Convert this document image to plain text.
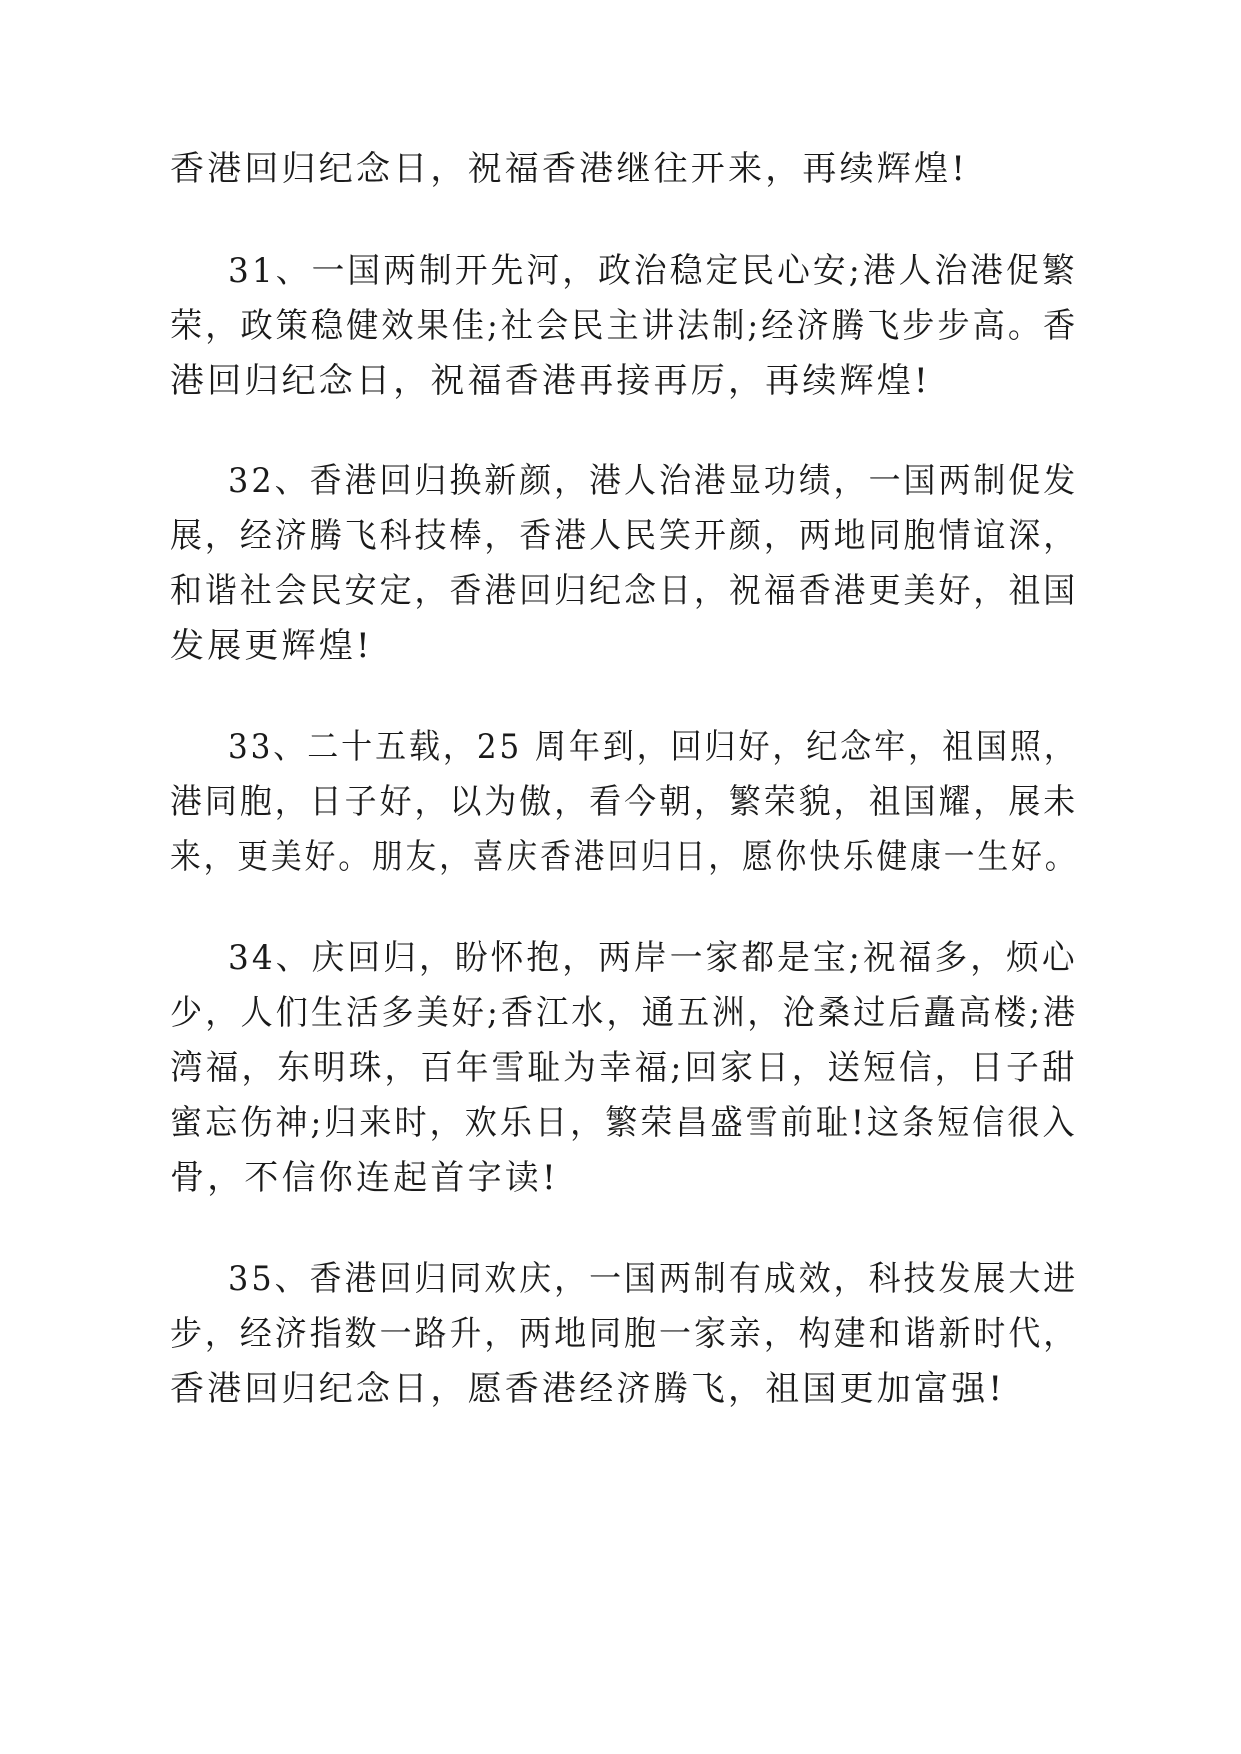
香港回归纪念日，祝福香港继往开来，再续辉煌!
31、一国两制开先河，政治稳定民心安;港人治港促繁
荣，政策稳健效果佳;社会民主讲法制;经济腾飞步步高。香
港回归纪念日，祝福香港再接再厉，再续辉煌!
32、香港回归换新颜，港人治港显功绩，一国两制促发
展，经济腾飞科技棒，香港人民笑开颜，两地同胞情谊深，
和谐社会民安定，香港回归纪念日，祝福香港更美好，祖国
发展更辉煌!
33、二十五载，25 周年到，回归好，纪念牢，祖国照，
港同胞，日子好，以为傲，看今朝，繁荣貌，祖国耀，展未
来，更美好。朋友，喜庆香港回归日，愿你快乐健康一生好。
34、庆回归，盼怀抱，两岸一家都是宝;祝福多，烦心
少，人们生活多美好;香江水，通五洲，沧桑过后矗高楼;港
湾福，东明珠，百年雪耻为幸福;回家日，送短信，日子甜
蜜忘伤神;归来时，欢乐日，繁荣昌盛雪前耻!这条短信很入
骨，不信你连起首字读!
35、香港回归同欢庆，一国两制有成效，科技发展大进
步，经济指数一路升，两地同胞一家亲，构建和谐新时代，
香港回归纪念日，愿香港经济腾飞，祖国更加富强!
